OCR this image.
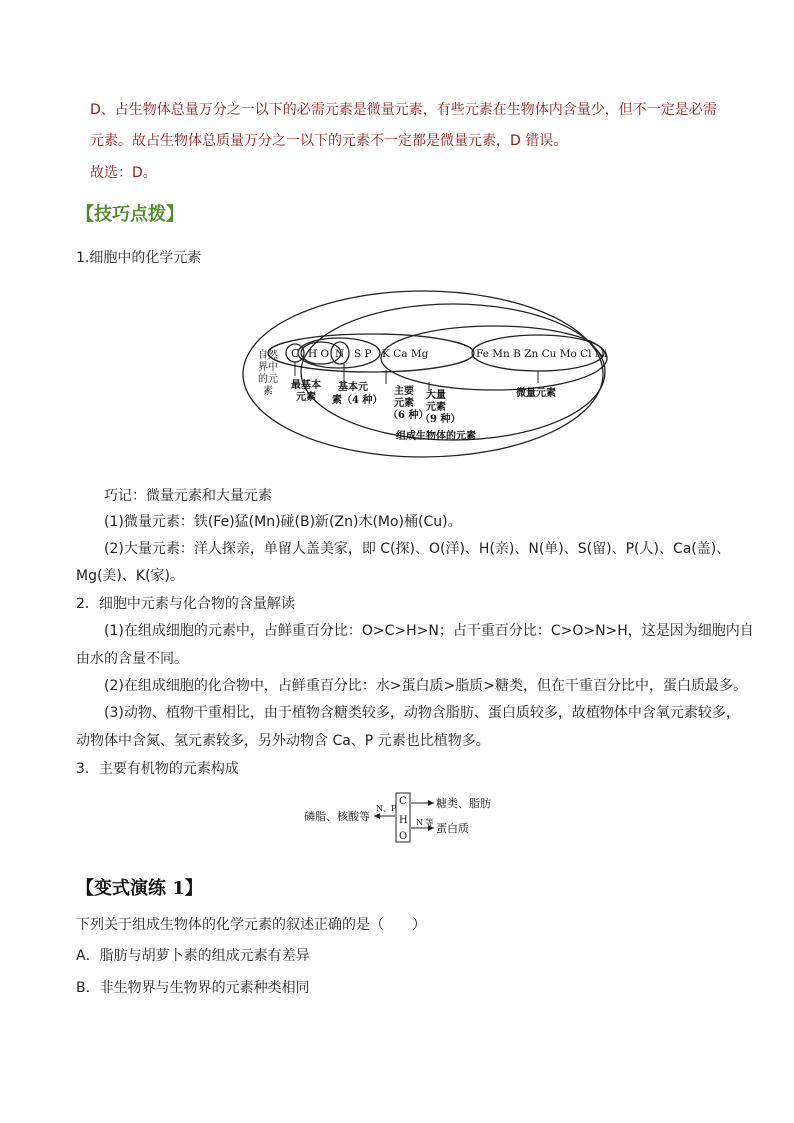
D、占生物体总量万分之一以下的必需元素是微量元素，有些元素在生物体内含量少，但不一定是必需
元素。故占生物体总质量万分之一以下的元素不一定都是微量元素，D 错误。
故选：D。
【技巧点拨】
1.细胞中的化学元素
自然
界中
的元
素
C H O N S P K Ca Mg	Fe Mn B Zn Cu Mo Cl Ni
最基本
元素
基本元
素（4 种）
主要
元素
（6 种）
大量
元素
（9 种）
微量元素
组成生物体的元素
巧记：微量元素和大量元素
(1)微量元素：铁(Fe)猛(Mn)碰(B)新(Zn)木(Mo)桶(Cu)。
(2)大量元素：洋人探亲，单留人盖美家，即 C(探)、O(洋)、H(亲)、N(单)、S(留)、P(人)、Ca(盖)、
Mg(美)、K(家)。
2．细胞中元素与化合物的含量解读
(1)在组成细胞的元素中，占鲜重百分比：O>C>H>N；占干重百分比：C>O>N>H，这是因为细胞内自
由水的含量不同。
(2)在组成细胞的化合物中，占鲜重百分比：水>蛋白质>脂质>糖类，但在干重百分比中，蛋白质最多。
(3)动物、植物干重相比，由于植物含糖类较多，动物含脂肪、蛋白质较多，故植物体中含氧元素较多，
动物体中含氮、氢元素较多，另外动物含 Ca、P 元素也比植物多。
3．主要有机物的元素构成
C
H
O
N、P
磷脂、核酸等
糖类、脂肪
N 等 蛋白质
【变式演练 1】
下列关于组成生物体的化学元素的叙述正确的是（　　）
A．脂肪与胡萝卜素的组成元素有差异
B．非生物界与生物界的元素种类相同
